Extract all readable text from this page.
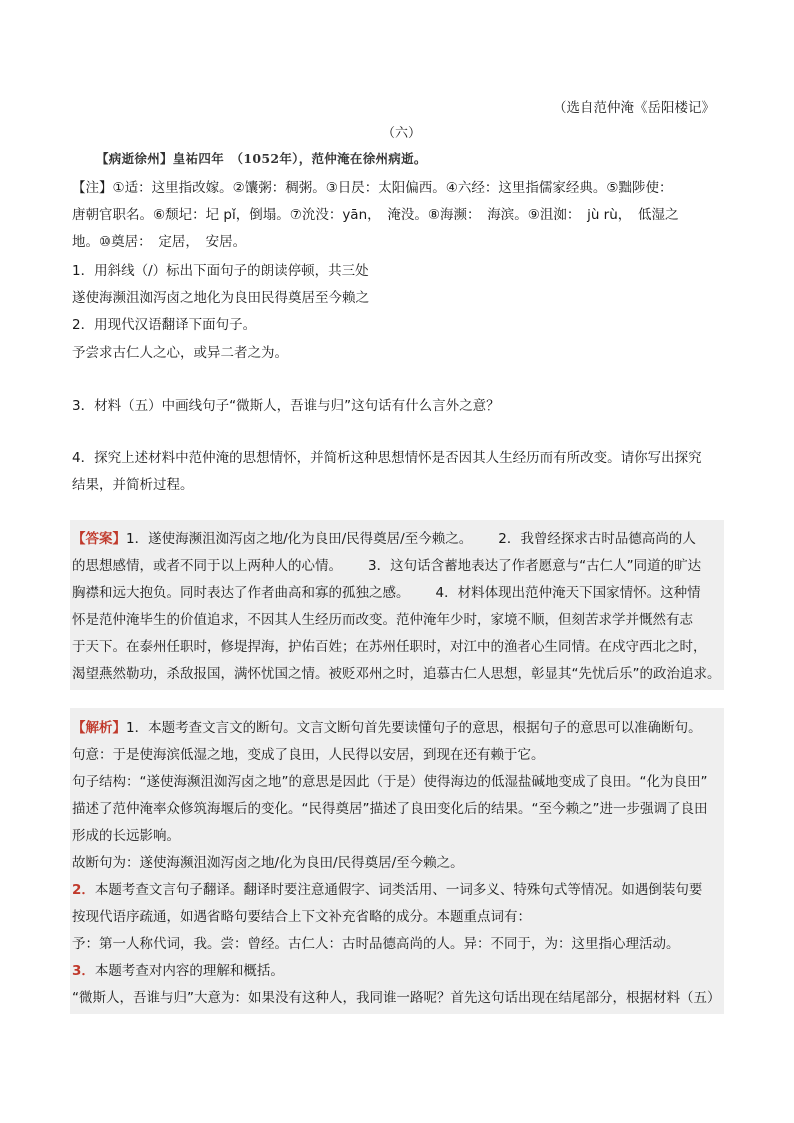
（选自范仲淹《岳阳楼记》
（六）
【病逝徐州】皇祐四年　（1052年），范仲淹在徐州病逝。
【注】①适：这里指改嫁。②馕粥：稠粥。③日昃：太阳偏西。④六经：这里指儒家经典。⑤黜陟使：
唐朝官职名。⑥颓圮：圮 pǐ，倒塌。⑦沇没：yān，　淹没。⑧海濒：　海滨。⑨沮洳：　jù rù，　低湿之
地。⑩奠居：　定居，　安居。
1．用斜线（/）标出下面句子的朗读停顿，共三处
遂使海濒沮洳泻卤之地化为良田民得奠居至今赖之
2．用现代汉语翻译下面句子。
予尝求古仁人之心，或异二者之为。
3．材料（五）中画线句子“微斯人，吾谁与归”这句话有什么言外之意？
4．探究上述材料中范仲淹的思想情怀，并简析这种思想情怀是否因其人生经历而有所改变。请你写出探究
结果，并简析过程。
【答案】1．遂使海濒沮洳泻卤之地/化为良田/民得奠居/至今赖之。 2．我曾经探求古时品德高尚的人
的思想感情，或者不同于以上两种人的心情。 3．这句话含蓄地表达了作者愿意与“古仁人”同道的旷达
胸襟和远大抱负。同时表达了作者曲高和寡的孤独之感。 4．材料体现出范仲淹天下国家情怀。这种情
怀是范仲淹毕生的价值追求，不因其人生经历而改变。范仲淹年少时，家境不顺，但刻苦求学并慨然有志
于天下。在泰州任职时，修堤捍海，护佑百姓；在苏州任职时，对江中的渔者心生同情。在戍守西北之时，
渴望燕然勒功，杀敌报国，满怀忧国之情。被贬邓州之时，追慕古仁人思想，彰显其“先忧后乐”的政治追求。
【解析】1．本题考查文言文的断句。文言文断句首先要读懂句子的意思，根据句子的意思可以准确断句。
句意：于是使海滨低湿之地，变成了良田，人民得以安居，到现在还有赖于它。
句子结构：“遂使海濒沮洳泻卤之地”的意思是因此（于是）使得海边的低湿盐碱地变成了良田。“化为良田”
描述了范仲淹率众修筑海堰后的变化。“民得奠居”描述了良田变化后的结果。“至今赖之”进一步强调了良田
形成的长远影响。
故断句为：遂使海濒沮洳泻卤之地/化为良田/民得奠居/至今赖之。
2．本题考查文言句子翻译。翻译时要注意通假字、词类活用、一词多义、特殊句式等情况。如遇倒装句要
按现代语序疏通，如遇省略句要结合上下文补充省略的成分。本题重点词有：
予：第一人称代词，我。尝：曾经。古仁人：古时品德高尚的人。异：不同于，为：这里指心理活动。
3．本题考查对内容的理解和概括。
“微斯人，吾谁与归”大意为：如果没有这种人，我同谁一路呢？首先这句话出现在结尾部分，根据材料（五）
